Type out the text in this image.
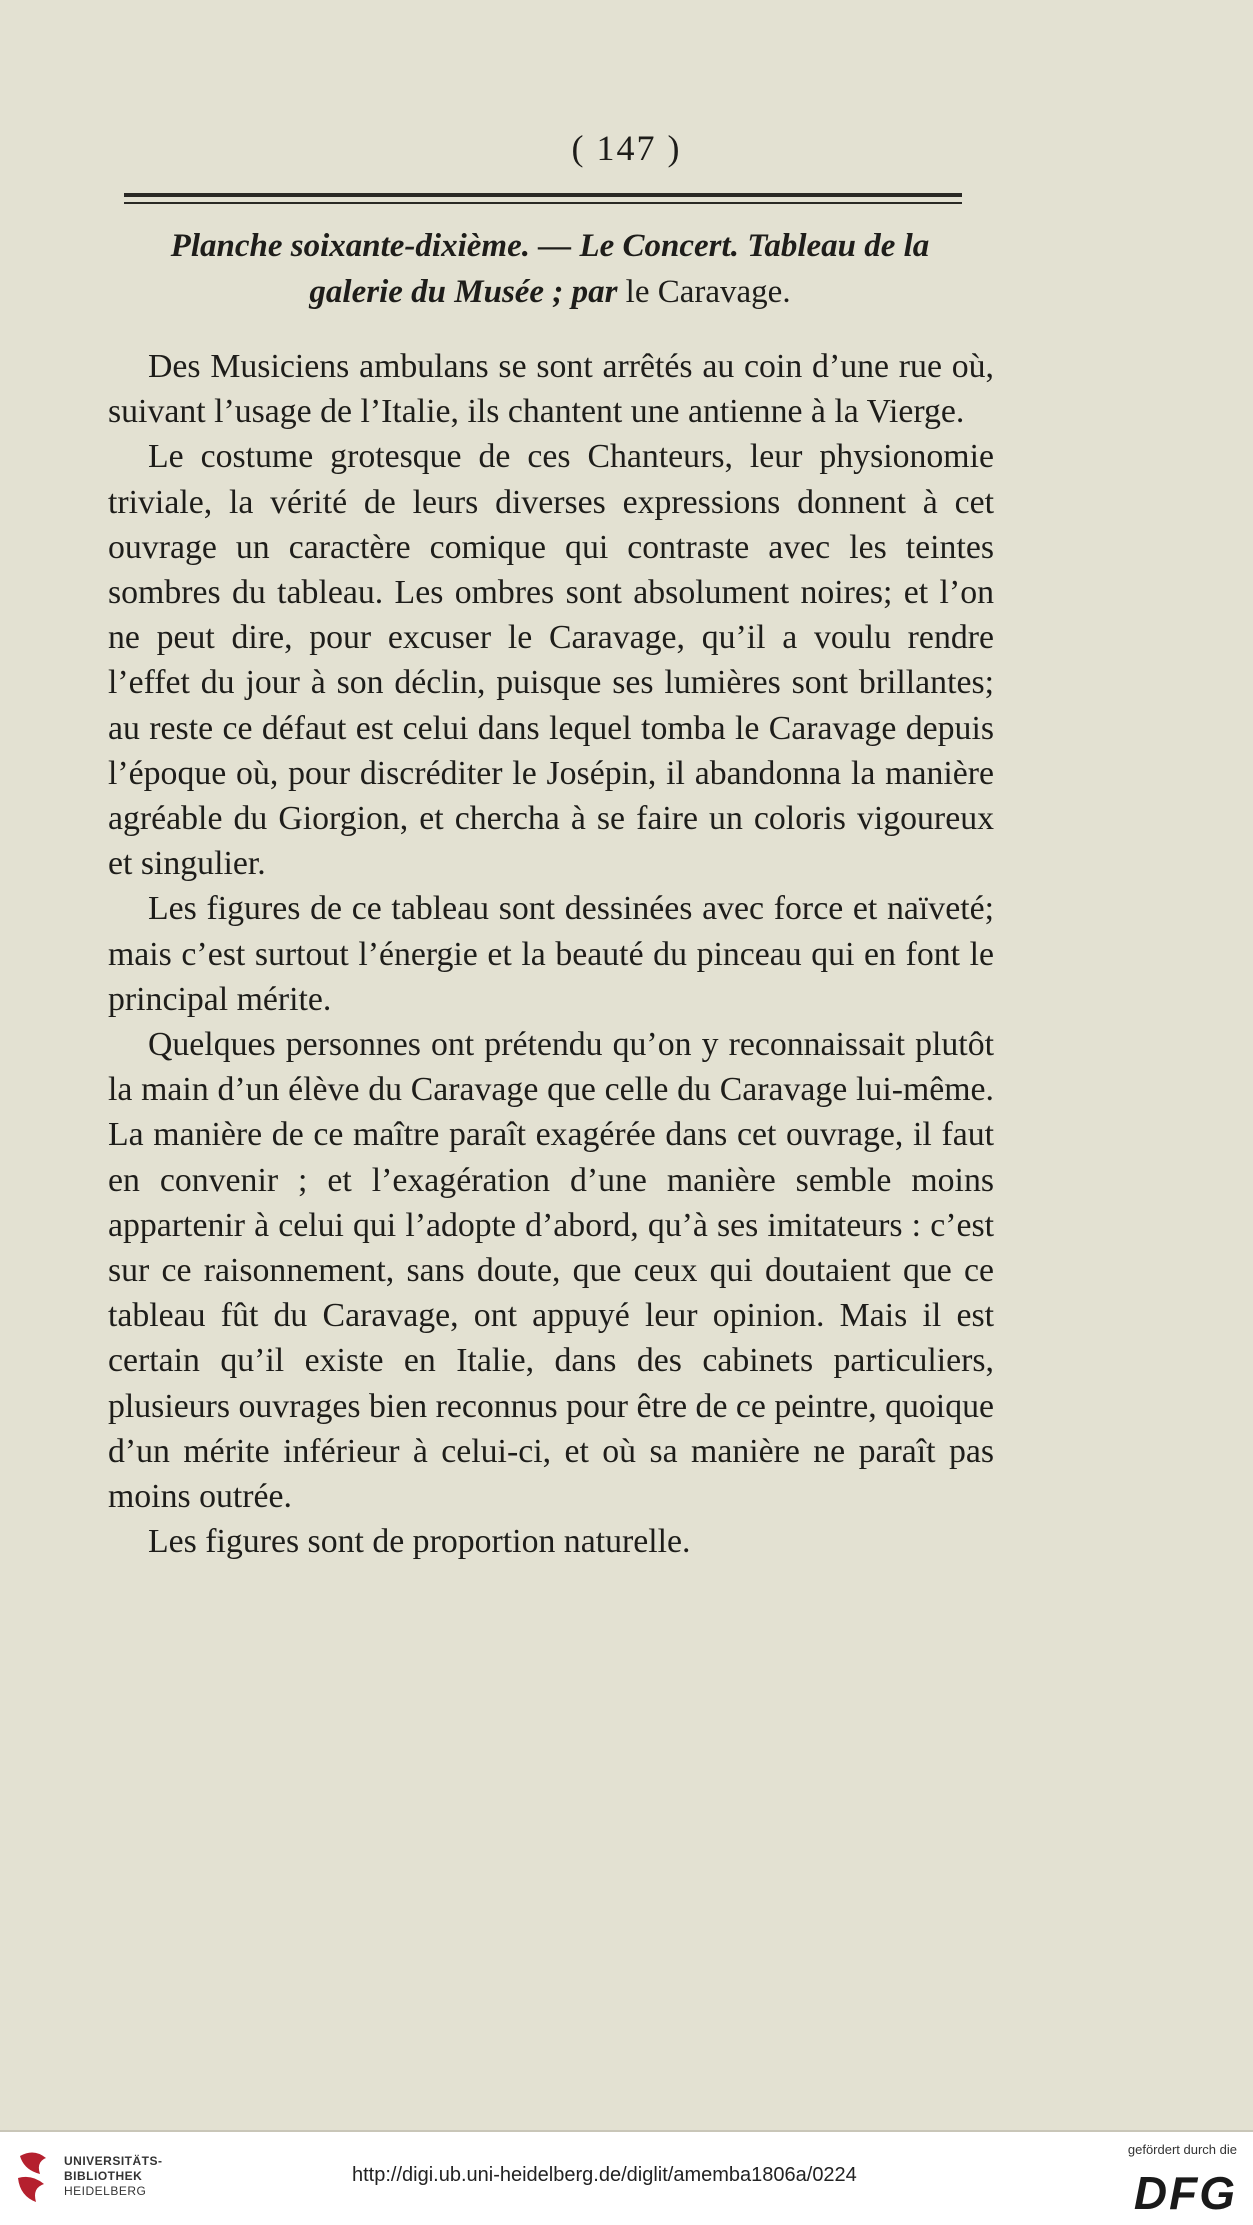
( 147 )
Planche soixante-dixième. — Le Concert. Tableau de la
galerie du Musée ; par le Caravage.

Des Musiciens ambulans se sont arrêtés au coin d’une rue où, suivant l’usage de l’Italie, ils chantent une antienne à la Vierge.

Le costume grotesque de ces Chanteurs, leur physionomie triviale, la vérité de leurs diverses expressions donnent à cet ouvrage un caractère comique qui contraste avec les teintes sombres du tableau. Les ombres sont absolument noires; et l’on ne peut dire, pour excuser le Caravage, qu’il a voulu rendre l’effet du jour à son déclin, puisque ses lumières sont brillantes; au reste ce défaut est celui dans lequel tomba le Caravage depuis l’époque où, pour discréditer le Josépin, il abandonna la manière agréable du Giorgion, et chercha à se faire un coloris vigoureux et singulier.

Les figures de ce tableau sont dessinées avec force et naïveté; mais c’est surtout l’énergie et la beauté du pinceau qui en font le principal mérite.

Quelques personnes ont prétendu qu’on y reconnaissait plutôt la main d’un élève du Caravage que celle du Caravage lui-même. La manière de ce maître paraît exagérée dans cet ouvrage, il faut en convenir ; et l’exagération d’une manière semble moins appartenir à celui qui l’adopte d’abord, qu’à ses imitateurs : c’est sur ce raisonnement, sans doute, que ceux qui doutaient que ce tableau fût du Caravage, ont appuyé leur opinion. Mais il est certain qu’il existe en Italie, dans des cabinets particuliers, plusieurs ouvrages bien reconnus pour être de ce peintre, quoique d’un mérite inférieur à celui-ci, et où sa manière ne paraît pas moins outrée.

Les figures sont de proportion naturelle.

UNIVERSITÄTS-
BIBLIOTHEK
HEIDELBERG
http://digi.ub.uni-heidelberg.de/diglit/amemba1806a/0224
gefördert durch die
DFG
